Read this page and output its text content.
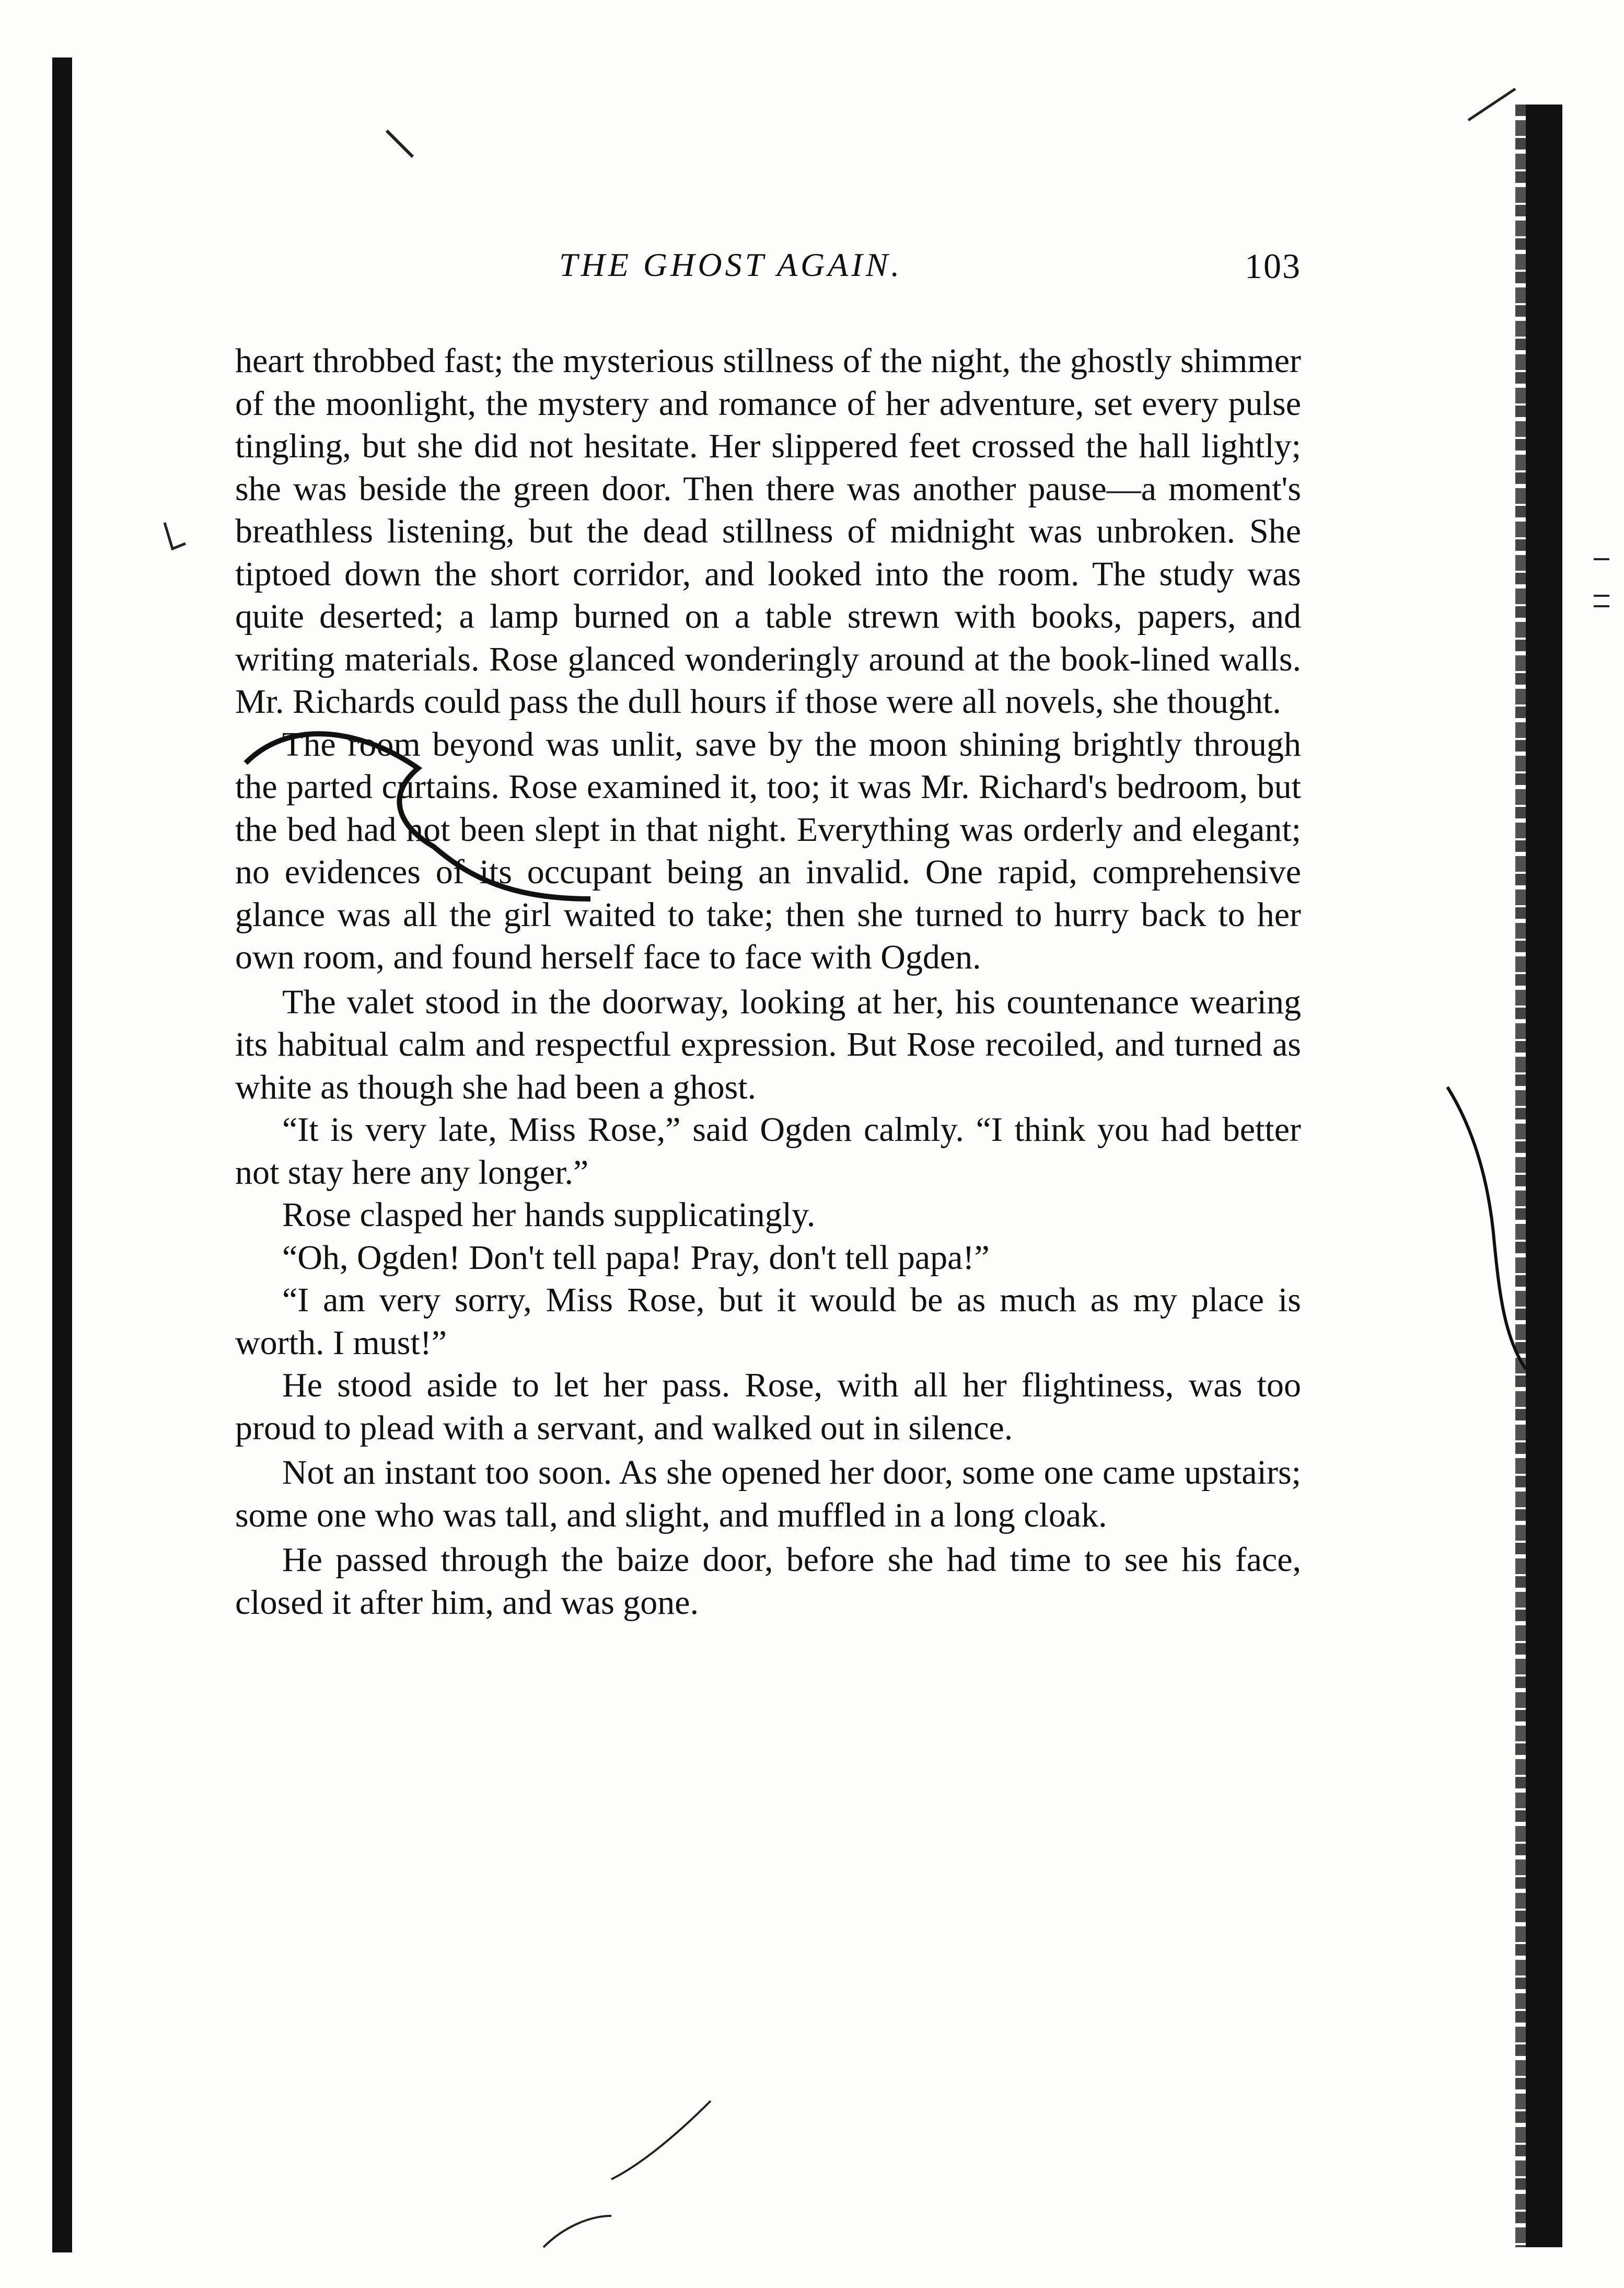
THE GHOST AGAIN.	103

heart throbbed fast; the mysterious stillness of the night, the ghostly shimmer of the moonlight, the mystery and romance of her adventure, set every pulse tingling, but she did not hesitate. Her slippered feet crossed the hall lightly; she was beside the green door. Then there was another pause—a moment's breathless listening, but the dead stillness of midnight was unbroken. She tiptoed down the short corridor, and looked into the room. The study was quite deserted; a lamp burned on a table strewn with books, papers, and writing materials. Rose glanced wonderingly around at the book-lined walls. Mr. Richards could pass the dull hours if those were all novels, she thought.

The room beyond was unlit, save by the moon shining brightly through the parted curtains. Rose examined it, too; it was Mr. Richard's bedroom, but the bed had not been slept in that night. Everything was orderly and elegant; no evidences of its occupant being an invalid. One rapid, comprehensive glance was all the girl waited to take; then she turned to hurry back to her own room, and found herself face to face with Ogden.

The valet stood in the doorway, looking at her, his countenance wearing its habitual calm and respectful expression. But Rose recoiled, and turned as white as though she had been a ghost.

“It is very late, Miss Rose,” said Ogden calmly. “I think you had better not stay here any longer.”

Rose clasped her hands supplicatingly.

“Oh, Ogden! Don't tell papa! Pray, don't tell papa!”

“I am very sorry, Miss Rose, but it would be as much as my place is worth. I must!”

He stood aside to let her pass. Rose, with all her flightiness, was too proud to plead with a servant, and walked out in silence.

Not an instant too soon. As she opened her door, some one came upstairs; some one who was tall, and slight, and muffled in a long cloak.

He passed through the baize door, before she had time to see his face, closed it after him, and was gone.
